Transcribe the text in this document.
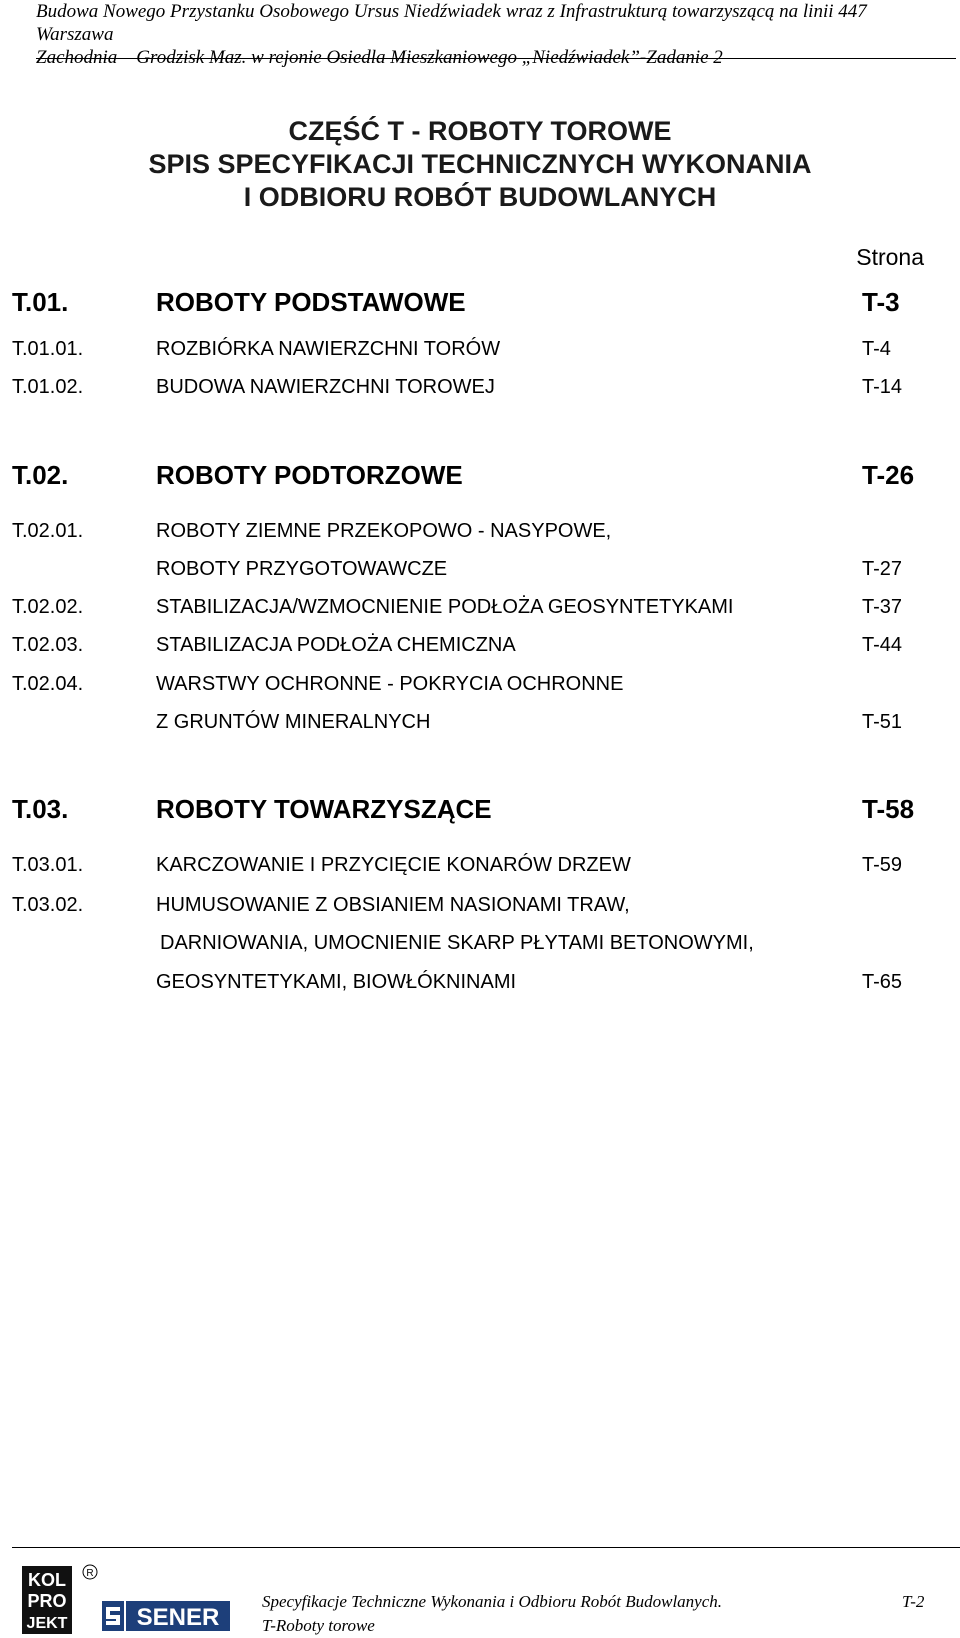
Budowa Nowego Przystanku Osobowego Ursus Niedźwiadek wraz z Infrastrukturą towarzyszącą na linii 447 Warszawa
Zachodnia – Grodzisk Maz. w rejonie Osiedla Mieszkaniowego „Niedźwiadek”-Zadanie 2
CZĘŚĆ T - ROBOTY TOROWE
SPIS SPECYFIKACJI TECHNICZNYCH WYKONANIA
I ODBIORU ROBÓT BUDOWLANYCH
Strona
T.01.	ROBOTY PODSTAWOWE	T-3
T.01.01.	ROZBIÓRKA NAWIERZCHNI TORÓW	T-4
T.01.02.	BUDOWA NAWIERZCHNI TOROWEJ	T-14
T.02.	ROBOTY PODTORZOWE	T-26
T.02.01.	ROBOTY ZIEMNE PRZEKOPOWO - NASYPOWE,
ROBOTY PRZYGOTOWAWCZE	T-27
T.02.02.	STABILIZACJA/WZMOCNIENIE PODŁOŻA GEOSYNTETYKAMI	T-37
T.02.03.	STABILIZACJA PODŁOŻA CHEMICZNA	T-44
T.02.04.	WARSTWY OCHRONNE - POKRYCIA OCHRONNE
Z GRUNTÓW MINERALNYCH	T-51
T.03.	ROBOTY TOWARZYSZĄCE	T-58
T.03.01.	KARCZOWANIE I PRZYCIĘCIE KONARÓW DRZEW	T-59
T.03.02.	HUMUSOWANIE Z OBSIANIEM NASIONAMI TRAW,
DARNIOWANIA, UMOCNIENIE SKARP PŁYTAMI BETONOWYMI,
GEOSYNTETYKAMI, BIOWŁÓKNINAMI	T-65
KOL
PRO
JEKT
R
SENER
Specyfikacje Techniczne Wykonania i Odbioru Robót Budowlanych.
T-Roboty torowe
T-2
